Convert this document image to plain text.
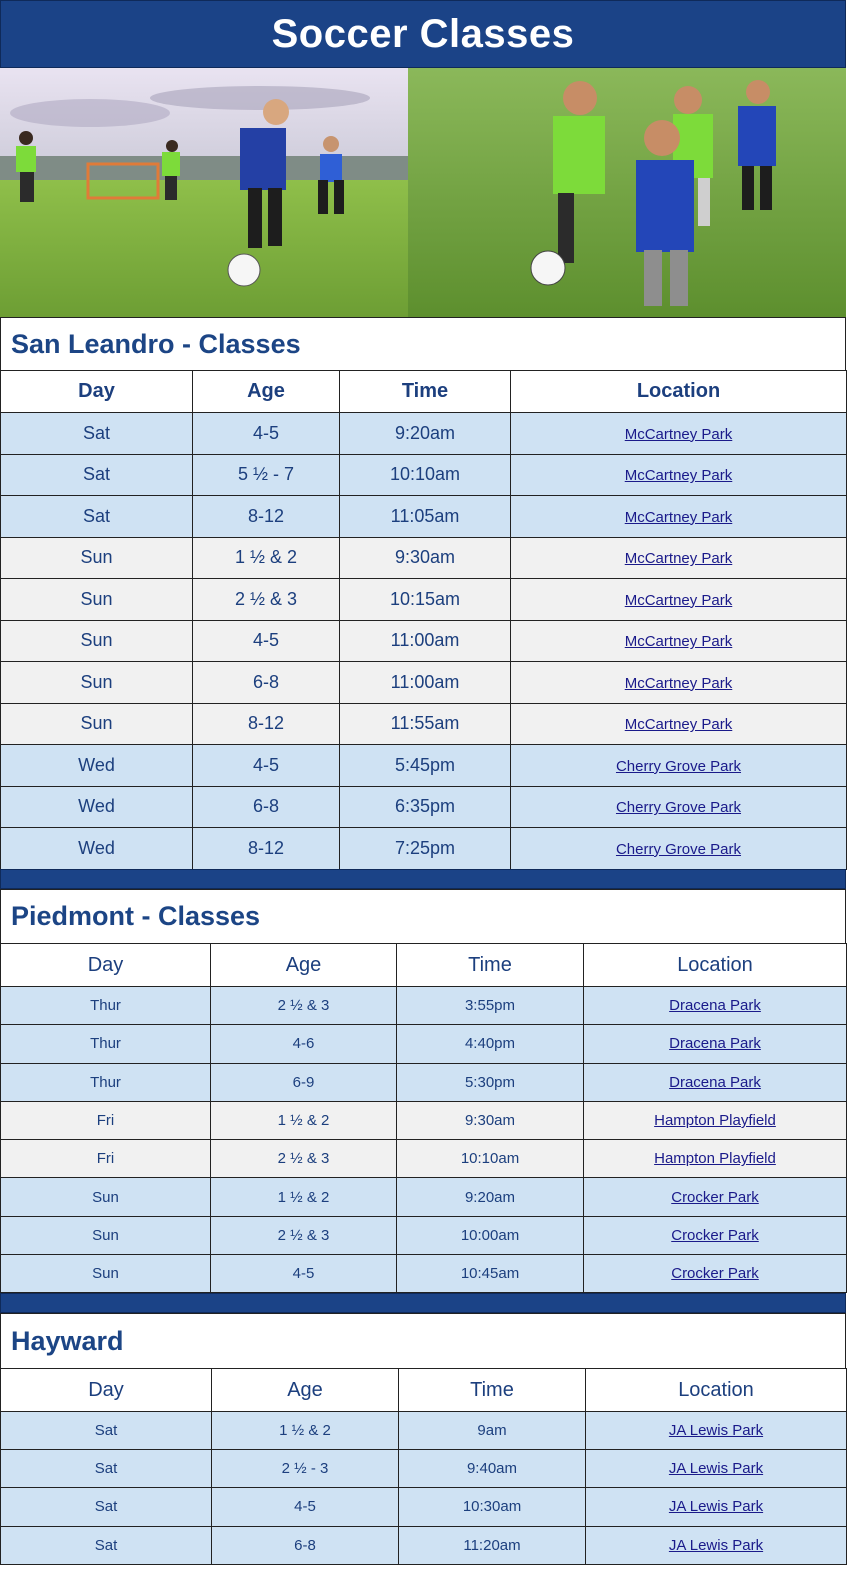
Soccer Classes
San Leandro - Classes
Day	Age	Time	Location
Sat	4-5	9:20am	McCartney Park
Sat	5 ½ - 7	10:10am	McCartney Park
Sat	8-12	11:05am	McCartney Park
Sun	1 ½ & 2	9:30am	McCartney Park
Sun	2 ½ & 3	10:15am	McCartney Park
Sun	4-5	11:00am	McCartney Park
Sun	6-8	11:00am	McCartney Park
Sun	8-12	11:55am	McCartney Park
Wed	4-5	5:45pm	Cherry Grove Park
Wed	6-8	6:35pm	Cherry Grove Park
Wed	8-12	7:25pm	Cherry Grove Park
Piedmont - Classes
Day	Age	Time	Location
Thur	2 ½ & 3	3:55pm	Dracena Park
Thur	4-6	4:40pm	Dracena Park
Thur	6-9	5:30pm	Dracena Park
Fri	1 ½ & 2	9:30am	Hampton Playfield
Fri	2 ½ & 3	10:10am	Hampton Playfield
Sun	1 ½ & 2	9:20am	Crocker Park
Sun	2 ½ & 3	10:00am	Crocker Park
Sun	4-5	10:45am	Crocker Park
Hayward
Day	Age	Time	Location
Sat	1 ½ & 2	9am	JA Lewis Park
Sat	2 ½ - 3	9:40am	JA Lewis Park
Sat	4-5	10:30am	JA Lewis Park
Sat	6-8	11:20am	JA Lewis Park
